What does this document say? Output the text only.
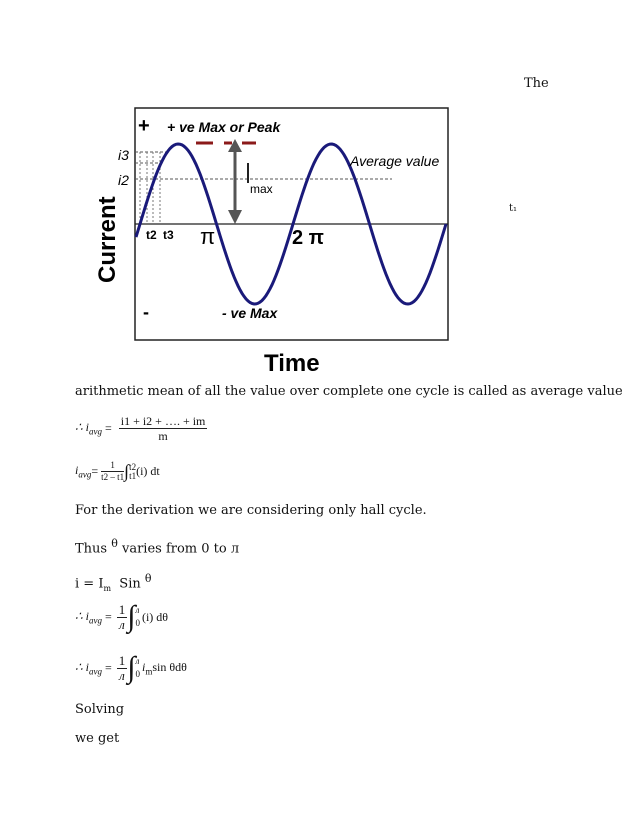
The
t₁
+ + ve Max or Peak
Average value
max
i3
i2
t2 t3 π	2 π
-	- ve Max
Current
Time
arithmetic mean of all the value over complete one cycle is called as average value
∴ $i_{avg} = \frac{i1 + i2 + \dots. + im}{m}$
$i_{avg}= \frac{1}{t2 - t1}$ ∫ t2
t1 (i) dt
For the derivation we are considering only hall cycle.
Thus $^\theta$ varies from 0 to л
$i = I_m$  Sin $^\theta$
∴ $i_{avg} = \frac{1}{л}$ ∫ л
0 (i) dθ
∴ $i_{avg} = \frac{1}{л}$ ∫ л
0
$i_m\sin$ θdθ
Solving
we get
